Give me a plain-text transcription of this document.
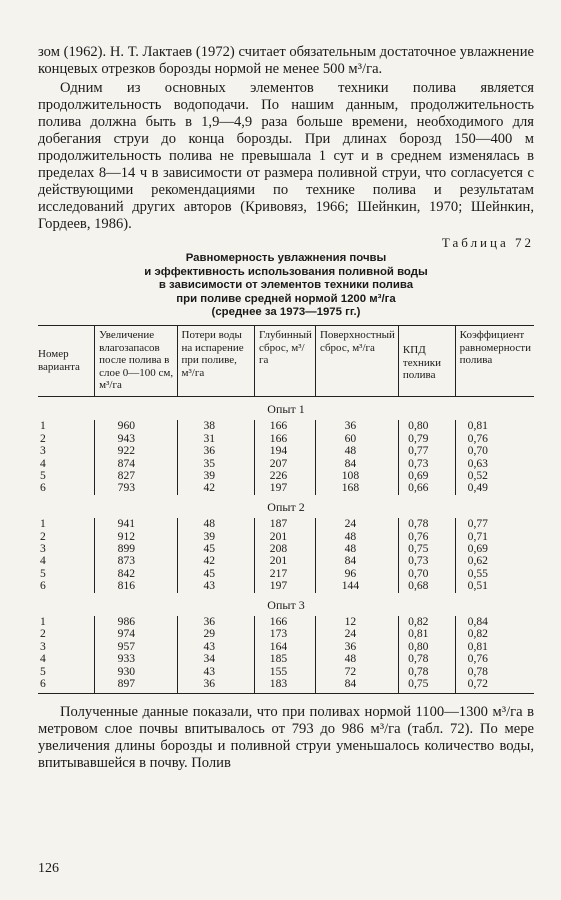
зом (1962). Н. Т. Лактаев (1972) считает обязательным достаточное увлажнение концевых отрезков борозды нормой не менее 500 м³/га.

Одним из основных элементов техники полива является продолжительность водоподачи. По нашим данным, продолжительность полива должна быть в 1,9—4,9 раза больше времени, необходимого для добегания струи до конца борозды. При длинах борозд 150—400 м продолжительность полива не превышала 1 сут и в среднем изменялась в пределах 8—14 ч в зависимости от размера поливной струи, что согласуется с действующими рекомендациями по технике полива и результатам исследований других авторов (Кривовяз, 1966; Шейнкин, 1970; Шейнкин, Гордеев, 1986).

Таблица 72
Равномерность увлажнения почвы
и эффективность использования поливной воды
в зависимости от элементов техники полива
при поливе средней нормой 1200 м³/га
(среднее за 1973—1975 гг.)
Номер варианта	Увеличение влагозапасов после полива в слое 0—100 см, м³/га	Потери воды на испарение при поливе, м³/га	Глубинный сброс, м³/га	Поверхностный сброс, м³/га	КПД техники полива	Коэффициент равномерности полива
Опыт 1						
1	960	38	166	36	0,80	0,81
2	943	31	166	60	0,79	0,76
3	922	36	194	48	0,77	0,70
4	874	35	207	84	0,73	0,63
5	827	39	226	108	0,69	0,52
6	793	42	197	168	0,66	0,49
Опыт 2						
1	941	48	187	24	0,78	0,77
2	912	39	201	48	0,76	0,71
3	899	45	208	48	0,75	0,69
4	873	42	201	84	0,73	0,62
5	842	45	217	96	0,70	0,55
6	816	43	197	144	0,68	0,51
Опыт 3						
1	986	36	166	12	0,82	0,84
2	974	29	173	24	0,81	0,82
3	957	43	164	36	0,80	0,81
4	933	34	185	48	0,78	0,76
5	930	43	155	72	0,78	0,78
6	897	36	183	84	0,75	0,72

Полученные данные показали, что при поливах нормой 1100—1300 м³/га в метровом слое почвы впитывалось от 793 до 986 м³/га (табл. 72). По мере увеличения длины борозды и поливной струи уменьшалось количество воды, впитывавшейся в почву. Полив

126
